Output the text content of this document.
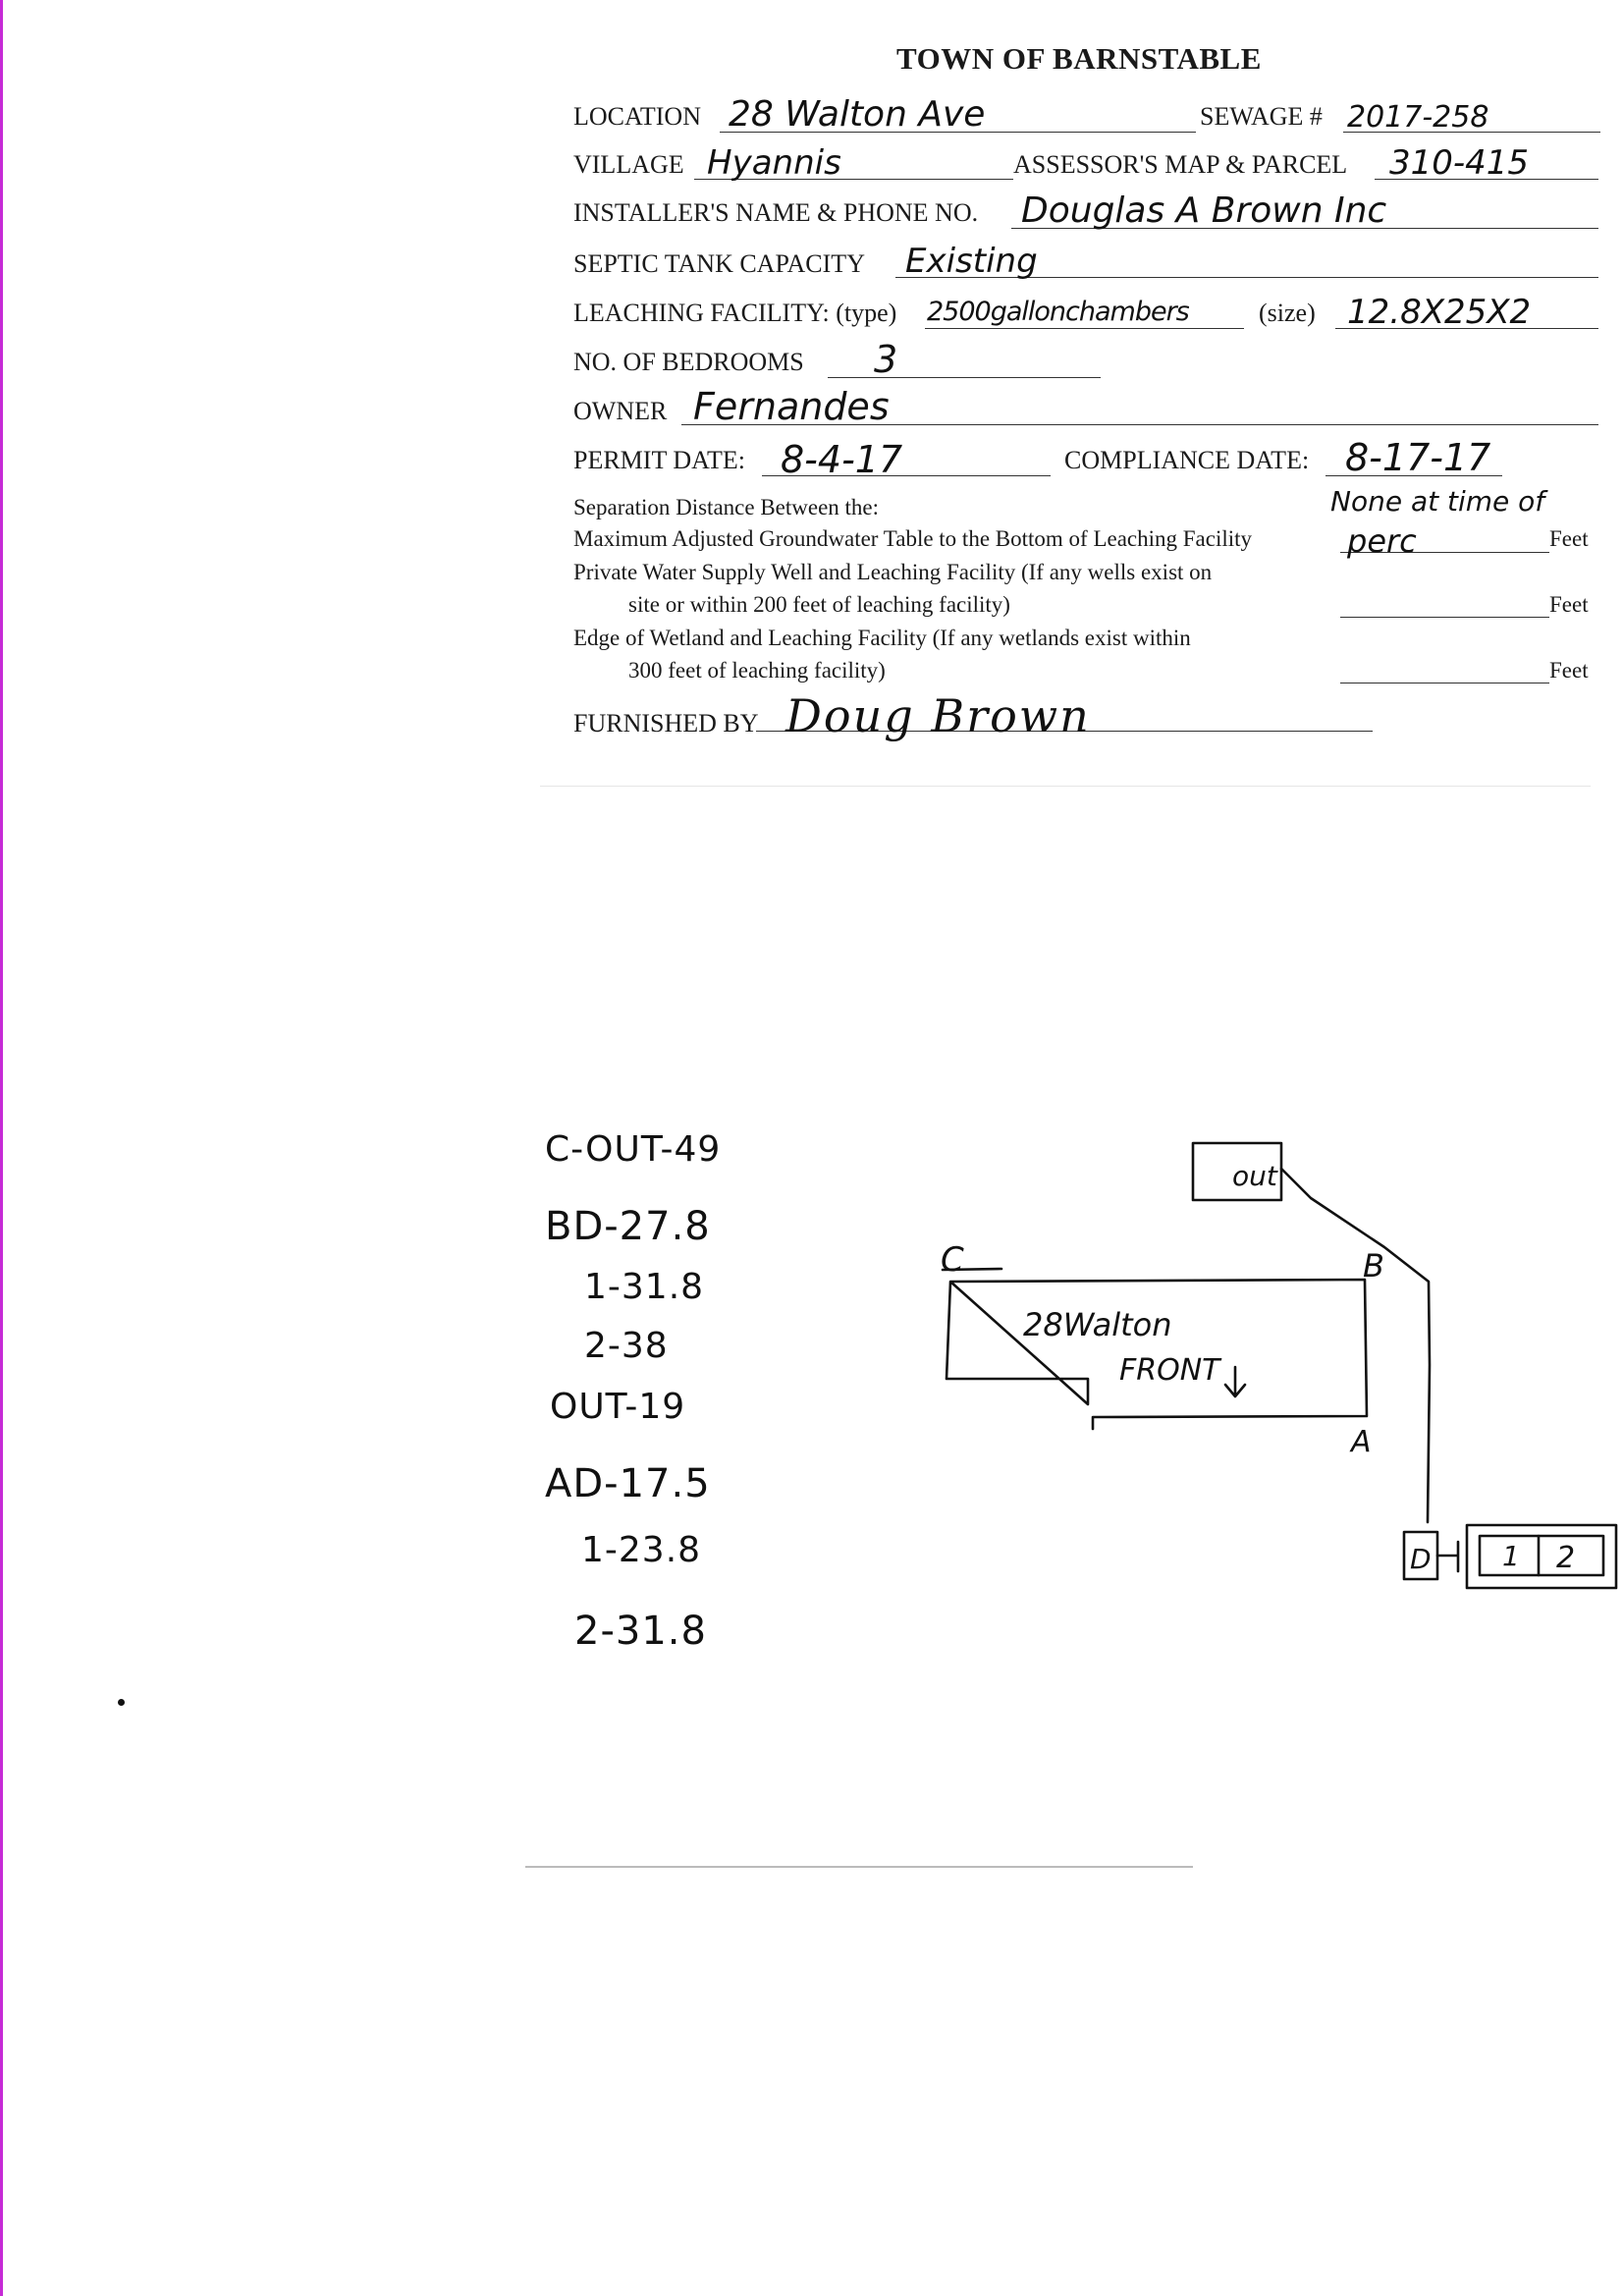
TOWN OF BARNSTABLE
LOCATION 28 Walton Ave	SEWAGE # 2017-258
VILLAGE Hyannis	ASSESSOR'S MAP & PARCEL 310-415
INSTALLER'S NAME & PHONE NO. Douglas A Brown Inc
SEPTIC TANK CAPACITY Existing
LEACHING FACILITY: (type) 2500gallonchambers	(size) 12.8X25X2
NO. OF BEDROOMS 3
OWNER Fernandes
PERMIT DATE: 8-4-17	COMPLIANCE DATE: 8-17-17
Separation Distance Between the:	None at time of
Maximum Adjusted Groundwater Table to the Bottom of Leaching Facility	perc	Feet
Private Water Supply Well and Leaching Facility (If any wells exist on
site or within 200 feet of leaching facility)	Feet
Edge of Wetland and Leaching Facility (If any wetlands exist within
300 feet of leaching facility)	Feet
FURNISHED BY Doug Brown
C-OUT-49
BD-27.8
1-31.8
2-38
OUT-19
AD-17.5
1-23.8
2-31.8
out
C	B
A
28Walton
FRONT
D	1 2
